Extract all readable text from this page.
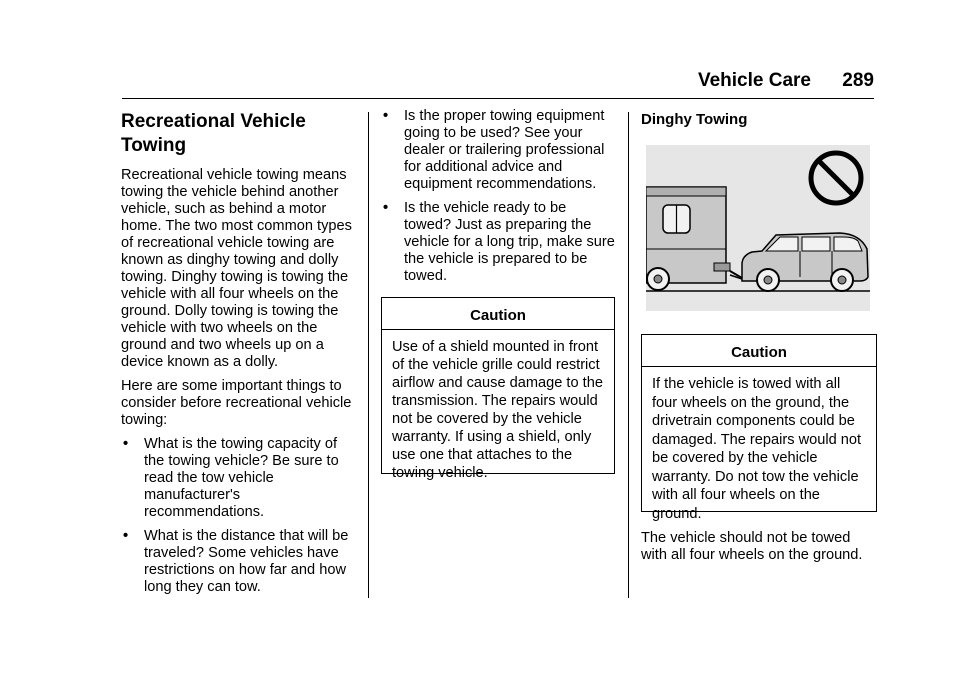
Vehicle Care 289
Recreational Vehicle Towing

Recreational vehicle towing means towing the vehicle behind another vehicle, such as behind a motor home. The two most common types of recreational vehicle towing are known as dinghy towing and dolly towing. Dinghy towing is towing the vehicle with all four wheels on the ground. Dolly towing is towing the vehicle with two wheels on the ground and two wheels up on a device known as a dolly.

Here are some important things to consider before recreational vehicle towing:

• What is the towing capacity of the towing vehicle? Be sure to read the tow vehicle manufacturer's recommendations.
• What is the distance that will be traveled? Some vehicles have restrictions on how far and how long they can tow.
• Is the proper towing equipment going to be used? See your dealer or trailering professional for additional advice and equipment recommendations.
• Is the vehicle ready to be towed? Just as preparing the vehicle for a long trip, make sure the vehicle is prepared to be towed.
Caution
Use of a shield mounted in front of the vehicle grille could restrict airflow and cause damage to the transmission. The repairs would not be covered by the vehicle warranty. If using a shield, only use one that attaches to the towing vehicle.
Dinghy Towing
Caution
If the vehicle is towed with all four wheels on the ground, the drivetrain components could be damaged. The repairs would not be covered by the vehicle warranty. Do not tow the vehicle with all four wheels on the ground.

The vehicle should not be towed with all four wheels on the ground.
